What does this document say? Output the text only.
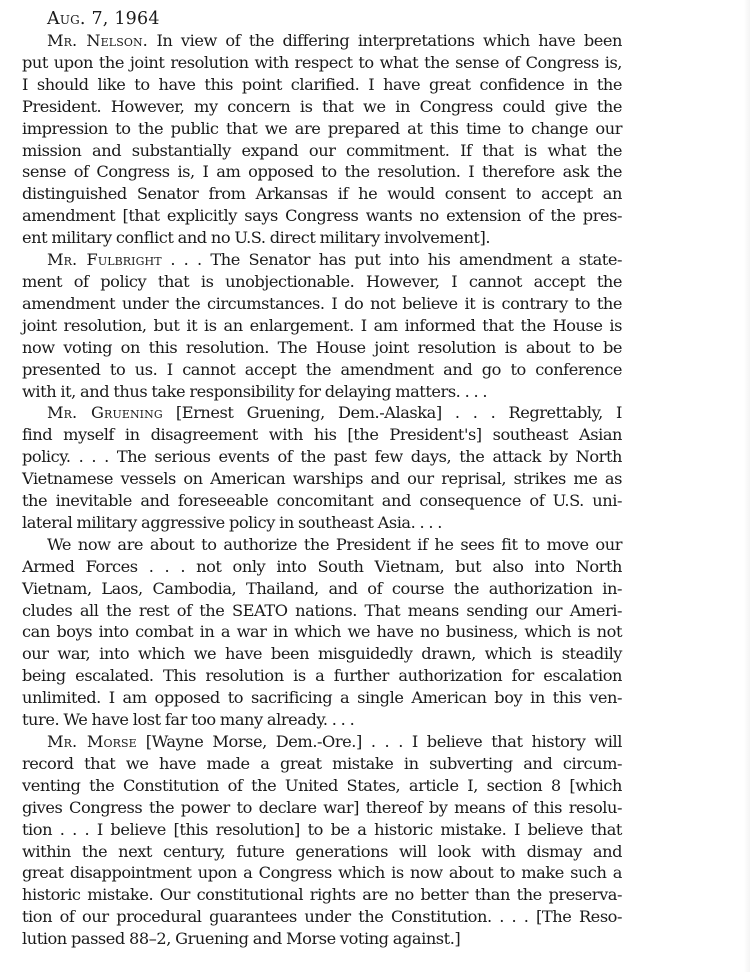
Aug. 7, 1964

Mr. Nelson. In view of the differing interpretations which have been
put upon the joint resolution with respect to what the sense of Congress is,
I should like to have this point clarified. I have great confidence in the
President. However, my concern is that we in Congress could give the
impression to the public that we are prepared at this time to change our
mission and substantially expand our commitment. If that is what the
sense of Congress is, I am opposed to the resolution. I therefore ask the
distinguished Senator from Arkansas if he would consent to accept an
amendment [that explicitly says Congress wants no extension of the pres-
ent military conflict and no U.S. direct military involvement].

Mr. Fulbright . . . The Senator has put into his amendment a state-
ment of policy that is unobjectionable. However, I cannot accept the
amendment under the circumstances. I do not believe it is contrary to the
joint resolution, but it is an enlargement. I am informed that the House is
now voting on this resolution. The House joint resolution is about to be
presented to us. I cannot accept the amendment and go to conference
with it, and thus take responsibility for delaying matters. . . .

Mr. Gruening [Ernest Gruening, Dem.-Alaska] . . . Regrettably, I
find myself in disagreement with his [the President's] southeast Asian
policy. . . . The serious events of the past few days, the attack by North
Vietnamese vessels on American warships and our reprisal, strikes me as
the inevitable and foreseeable concomitant and consequence of U.S. uni-
lateral military aggressive policy in southeast Asia. . . .

We now are about to authorize the President if he sees fit to move our
Armed Forces . . . not only into South Vietnam, but also into North
Vietnam, Laos, Cambodia, Thailand, and of course the authorization in-
cludes all the rest of the SEATO nations. That means sending our Ameri-
can boys into combat in a war in which we have no business, which is not
our war, into which we have been misguidedly drawn, which is steadily
being escalated. This resolution is a further authorization for escalation
unlimited. I am opposed to sacrificing a single American boy in this ven-
ture. We have lost far too many already. . . .

Mr. Morse [Wayne Morse, Dem.-Ore.] . . . I believe that history will
record that we have made a great mistake in subverting and circum-
venting the Constitution of the United States, article I, section 8 [which
gives Congress the power to declare war] thereof by means of this resolu-
tion . . . I believe [this resolution] to be a historic mistake. I believe that
within the next century, future generations will look with dismay and
great disappointment upon a Congress which is now about to make such a
historic mistake. Our constitutional rights are no better than the preserva-
tion of our procedural guarantees under the Constitution. . . . [The Reso-
lution passed 88–2, Gruening and Morse voting against.]
